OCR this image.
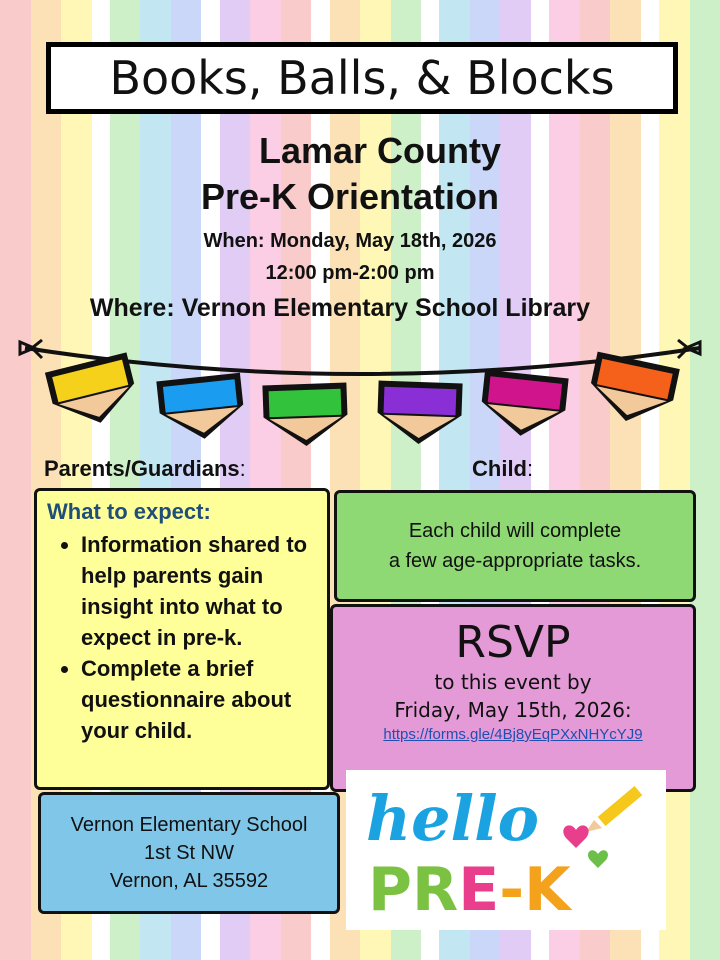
Books, Balls, & Blocks
Lamar County
Pre-K Orientation
When: Monday, May 18th, 2026
12:00 pm-2:00 pm
Where: Vernon Elementary School Library
Parents/Guardians:	Child:
What to expect:
• Information shared to help parents gain insight into what to expect in pre-k.
• Complete a brief questionnaire about your child.
Each child will complete
a few age-appropriate tasks.
RSVP
to this event by
Friday, May 15th, 2026:
https://forms.gle/4Bj8yEqPXxNHYcYJ9
Vernon Elementary School
1st St NW
Vernon, AL 35592
hello
PRE-K
